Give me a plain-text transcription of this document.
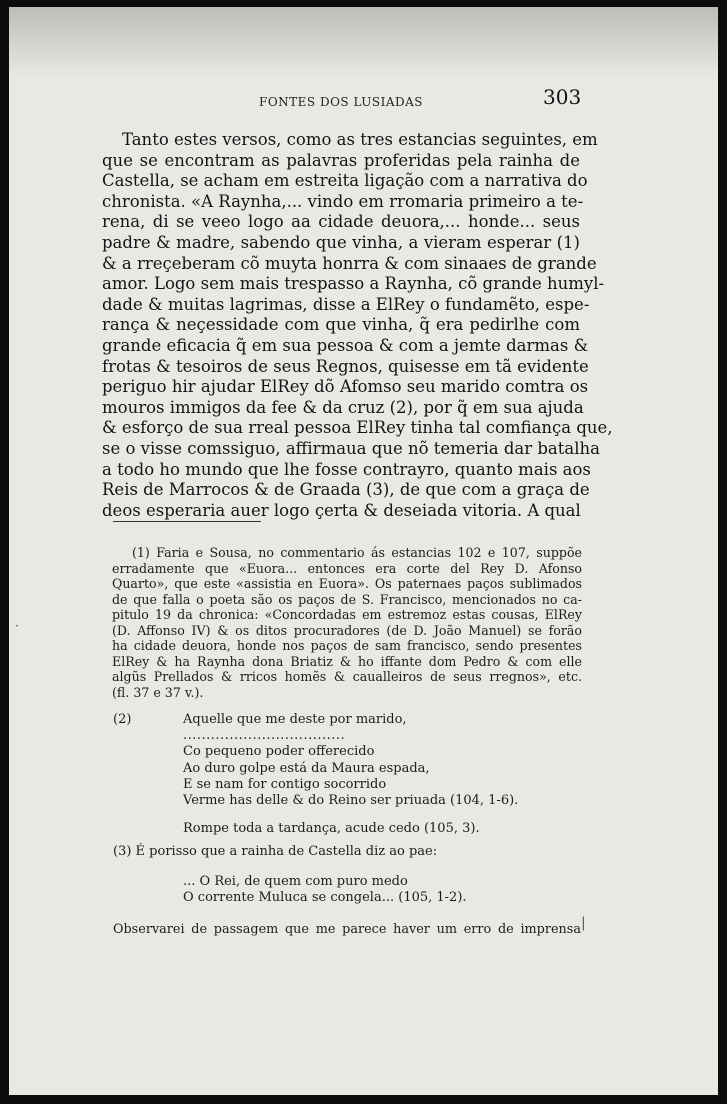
FONTES DOS LUSIADAS	303
Tanto estes versos, como as tres estancias seguintes, em
que se encontram as palavras proferidas pela rainha de
Castella, se acham em estreita ligação com a narrativa do
chronista. «A Raynha,... vindo em rromaria primeiro a te-
rena, di se veeo logo aa cidade deuora,... honde... seus
padre & madre, sabendo que vinha, a vieram esperar (1)
& a rreçeberam cõ muyta honrra & com sinaaes de grande
amor. Logo sem mais trespasso a Raynha, cõ grande humyl-
dade & muitas lagrimas, disse a ElRey o fundamẽto, espe-
rança & neçessidade com que vinha, q̃ era pedirlhe com
grande eficacia q̃ em sua pessoa & com a jemte darmas &
frotas & tesoiros de seus Regnos, quisesse em tã evidente
periguo hir ajudar ElRey dõ Afomso seu marido comtra os
mouros immigos da fee & da cruz (2), por q̃ em sua ajuda
& esforço de sua rreal pessoa ElRey tinha tal comfiança que,
se o visse comssiguo, affirmaua que nõ temeria dar batalha
a todo ho mundo que lhe fosse contrayro, quanto mais aos
Reis de Marrocos & de Graada (3), de que com a graça de
deos esperaria auer logo çerta & deseiada vitoria. A qual
(1) Faria e Sousa, no commentario ás estancias 102 e 107, suppõe
erradamente que «Euora... entonces era corte del Rey D. Afonso
Quarto», que este «assistia en Euora». Os paternaes paços sublimados
de que falla o poeta são os paços de S. Francisco, mencionados no ca-
pitulo 19 da chronica: «Concordadas em estremoz estas cousas, ElRey
(D. Affonso IV) & os ditos procuradores (de D. João Manuel) se forão
ha cidade deuora, honde nos paços de sam francisco, sendo presentes
ElRey & ha Raynha dona Briatiz & ho iffante dom Pedro & com elle
algũs Prellados & rricos homẽs & caualleiros de seus rregnos», etc.
(fl. 37 e 37 v.).
(2)	Aquelle que me deste por marido,
...................................
Co pequeno poder offerecido
Ao duro golpe está da Maura espada,
E se nam for contigo socorrido
Verme has delle & do Reino ser priuada (104, 1-6).
Rompe toda a tardança, acude cedo (105, 3).
(3) É porisso que a rainha de Castella diz ao pae:
... O Rei, de quem com puro medo
O corrente Muluca se congela... (105, 1-2).
Observarei de passagem que me parece haver um erro de imprensa
·
|
